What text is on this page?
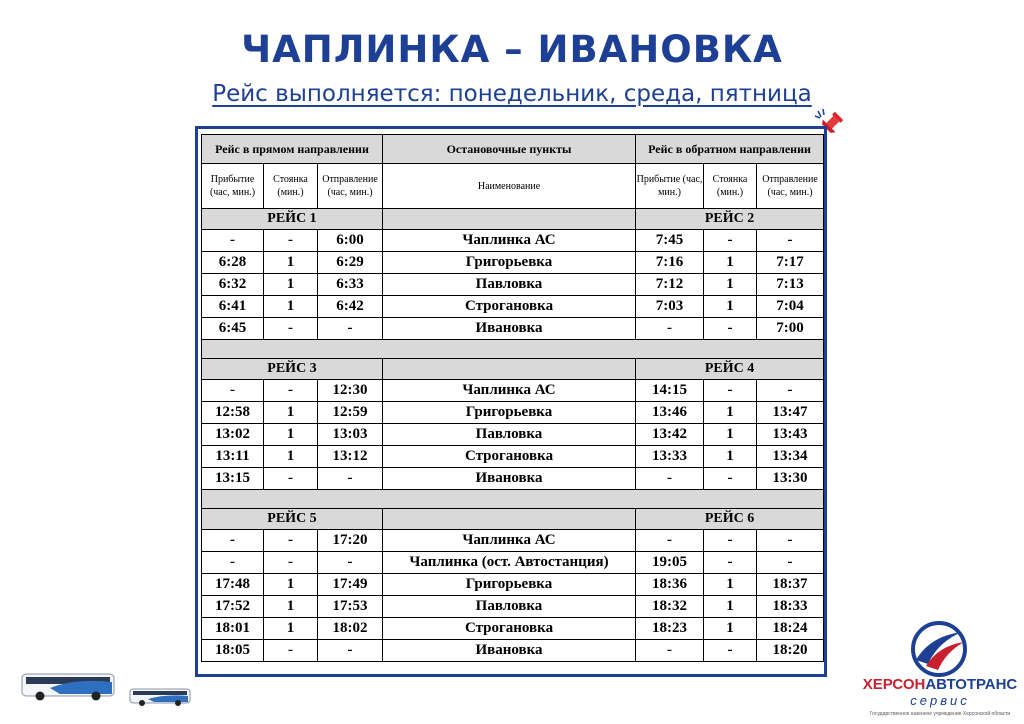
ЧАПЛИНКА – ИВАНОВКА
Рейс выполняется: понедельник, среда, пятница
Рейс в прямом направлении			Остановочные пункты	Рейс в обратном направлении		
Прибытие (час, мин.)	Стоянка (мин.)	Отправление (час, мин.)	Наименование	Прибытие (час, мин.)	Стоянка (мин.)	Отправление (час, мин.)
РЕЙС 1				РЕЙС 2		
-	-	6:00	Чаплинка АС	7:45	-	-
6:28	1	6:29	Григорьевка	7:16	1	7:17
6:32	1	6:33	Павловка	7:12	1	7:13
6:41	1	6:42	Строгановка	7:03	1	7:04
6:45	-	-	Ивановка	-	-	7:00

РЕЙС 3				РЕЙС 4		
-	-	12:30	Чаплинка АС	14:15	-	-
12:58	1	12:59	Григорьевка	13:46	1	13:47
13:02	1	13:03	Павловка	13:42	1	13:43
13:11	1	13:12	Строгановка	13:33	1	13:34
13:15	-	-	Ивановка	-	-	13:30

РЕЙС 5				РЕЙС 6		
-	-	17:20	Чаплинка АС	-	-	-
-	-	-	Чаплинка (ост. Автостанция)	19:05	-	-
17:48	1	17:49	Григорьевка	18:36	1	18:37
17:52	1	17:53	Павловка	18:32	1	18:33
18:01	1	18:02	Строгановка	18:23	1	18:24
18:05	-	-	Ивановка	-	-	18:20
ХЕРСОНАВТОТРАНС
сервис
Государственное казенное учреждение Херсонской области
